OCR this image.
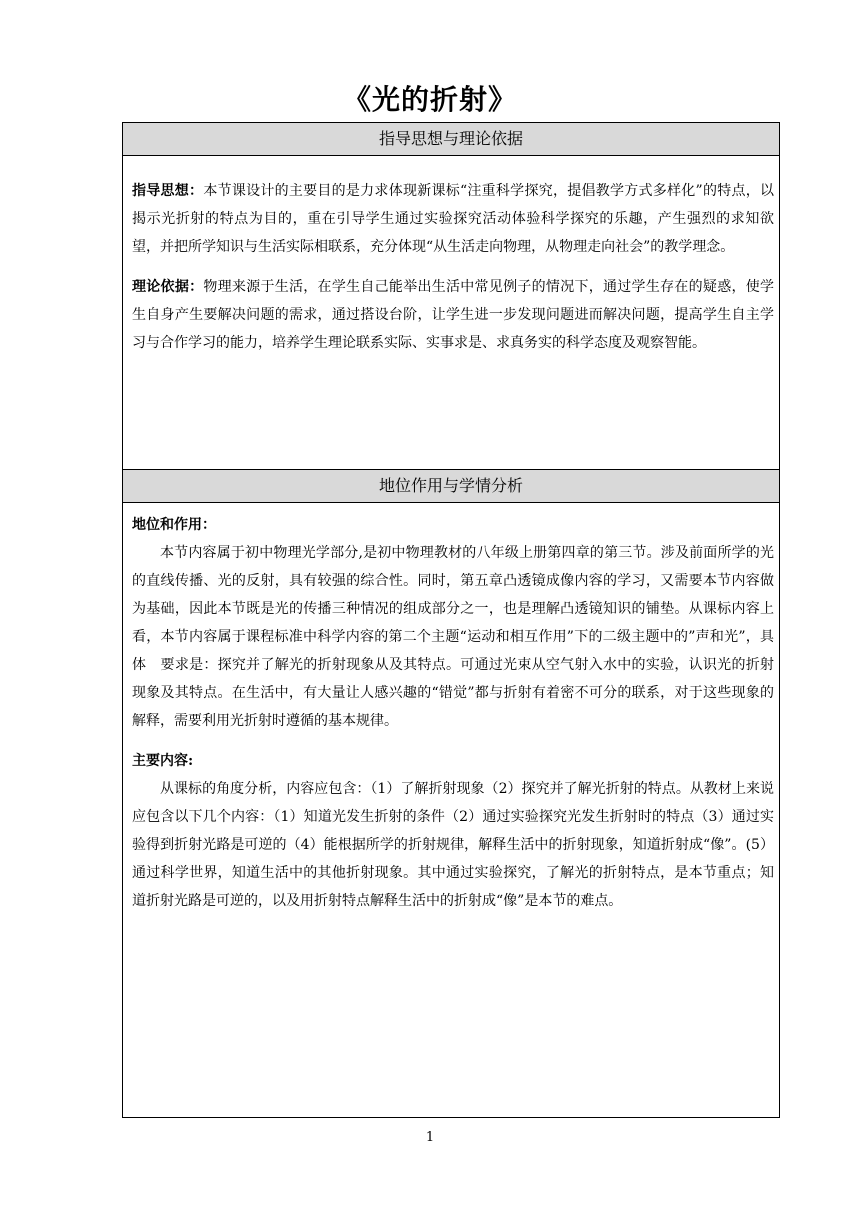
《光的折射》
指导思想与理论依据

指导思想：本节课设计的主要目的是力求体现新课标“注重科学探究，提倡教学方式多样化”的特点，以揭示光折射的特点为目的，重在引导学生通过实验探究活动体验科学探究的乐趣，产生强烈的求知欲望，并把所学知识与生活实际相联系，充分体现“从生活走向物理，从物理走向社会”的教学理念。

理论依据：物理来源于生活，在学生自己能举出生活中常见例子的情况下，通过学生存在的疑惑，使学生自身产生要解决问题的需求，通过搭设台阶，让学生进一步发现问题进而解决问题，提高学生自主学习与合作学习的能力，培养学生理论联系实际、实事求是、求真务实的科学态度及观察智能。

地位作用与学情分析

地位和作用：

本节内容属于初中物理光学部分,是初中物理教材的八年级上册第四章的第三节。涉及前面所学的光的直线传播、光的反射，具有较强的综合性。同时，第五章凸透镜成像内容的学习，又需要本节内容做为基础，因此本节既是光的传播三种情况的组成部分之一，也是理解凸透镜知识的铺垫。从课标内容上看，本节内容属于课程标准中科学内容的第二个主题“运动和相互作用”下的二级主题中的”声和光”，具体　要求是：探究并了解光的折射现象从及其特点。可通过光束从空气射入水中的实验，认识光的折射现象及其特点。在生活中，有大量让人感兴趣的“错觉”都与折射有着密不可分的联系，对于这些现象的解释，需要利用光折射时遵循的基本规律。

主要内容:

从课标的角度分析，内容应包含：（1）了解折射现象（2）探究并了解光折射的特点。从教材上来说应包含以下几个内容：（1）知道光发生折射的条件（2）通过实验探究光发生折射时的特点（3）通过实验得到折射光路是可逆的（4）能根据所学的折射规律，解释生活中的折射现象，知道折射成“像”。(5）通过科学世界，知道生活中的其他折射现象。其中通过实验探究，了解光的折射特点，是本节重点；知道折射光路是可逆的，以及用折射特点解释生活中的折射成“像”是本节的难点。

1
